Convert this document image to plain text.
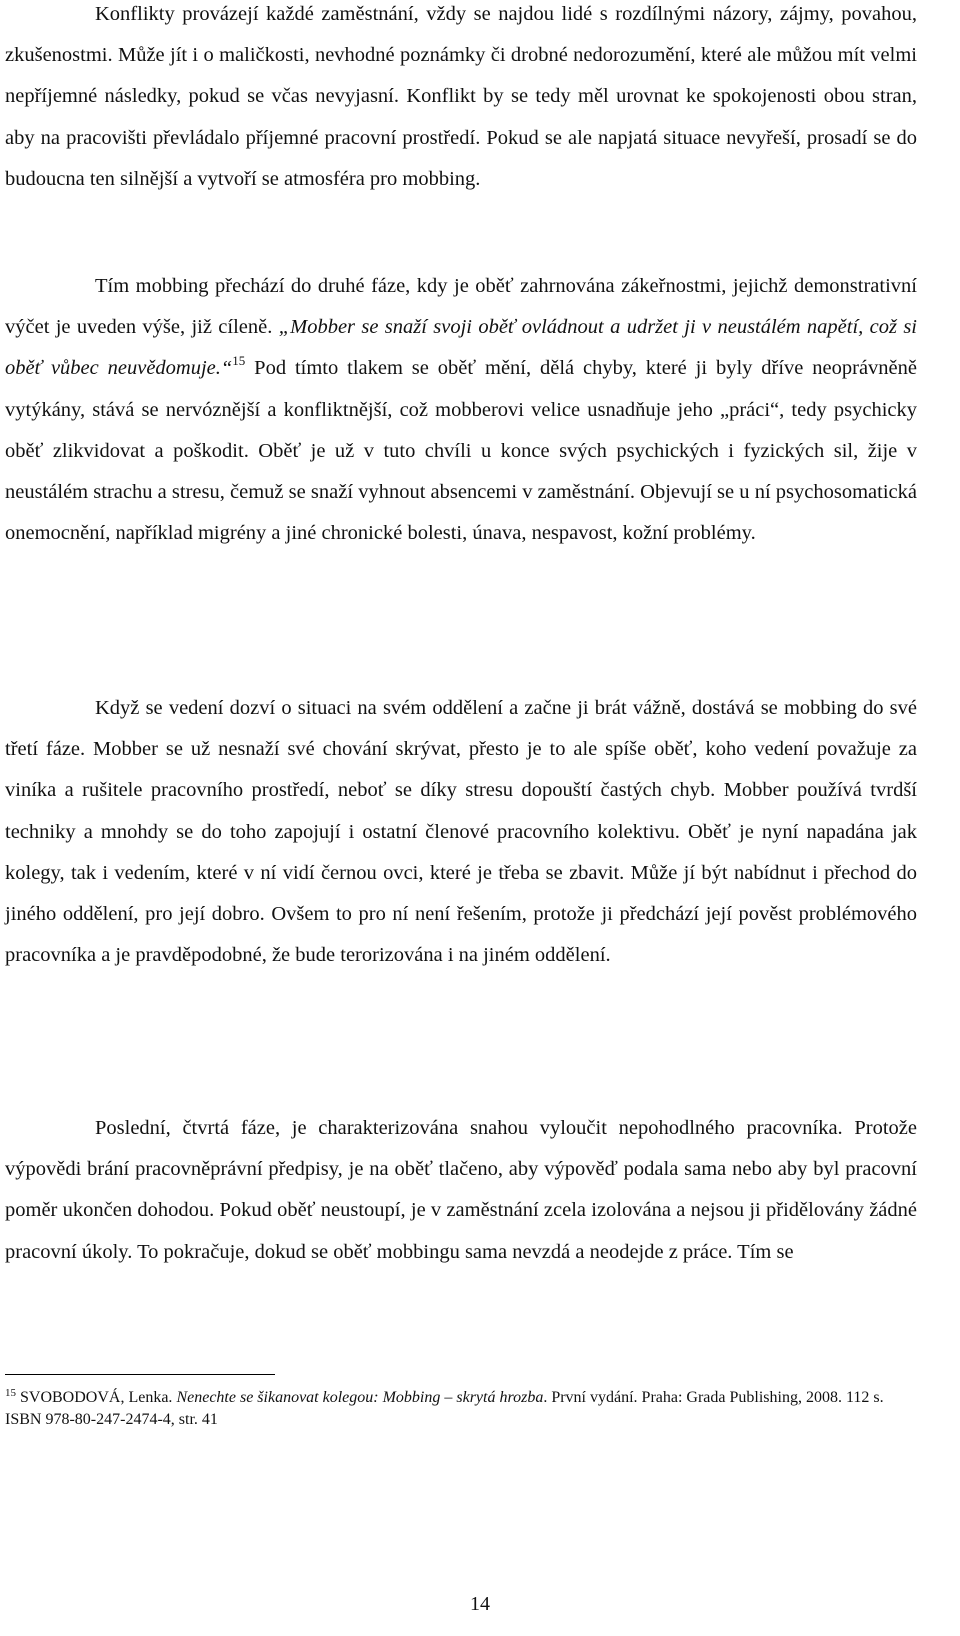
Konflikty provázejí každé zaměstnání, vždy se najdou lidé s rozdílnými názory, zájmy, povahou, zkušenostmi. Může jít i o maličkosti, nevhodné poznámky či drobné nedorozumění, které ale můžou mít velmi nepříjemné následky, pokud se včas nevyjasní. Konflikt by se tedy měl urovnat ke spokojenosti obou stran, aby na pracovišti převládalo příjemné pracovní prostředí. Pokud se ale napjatá situace nevyřeší, prosadí se do budoucna ten silnější a vytvoří se atmosféra pro mobbing.

Tím mobbing přechází do druhé fáze, kdy je oběť zahrnována zákeřnostmi, jejichž demonstrativní výčet je uveden výše, již cíleně. „Mobber se snaží svoji oběť ovládnout a udržet ji v neustálém napětí, což si oběť vůbec neuvědomuje.“$^{15}$ Pod tímto tlakem se oběť mění, dělá chyby, které ji byly dříve neoprávněně vytýkány, stává se nervóznější a konfliktnější, což mobberovi velice usnadňuje jeho „práci“, tedy psychicky oběť zlikvidovat a poškodit. Oběť je už v tuto chvíli u konce svých psychických i fyzických sil, žije v neustálém strachu a stresu, čemuž se snaží vyhnout absencemi v zaměstnání. Objevují se u ní psychosomatická onemocnění, například migrény a jiné chronické bolesti, únava, nespavost, kožní problémy.

Když se vedení dozví o situaci na svém oddělení a začne ji brát vážně, dostává se mobbing do své třetí fáze. Mobber se už nesnaží své chování skrývat, přesto je to ale spíše oběť, koho vedení považuje za viníka a rušitele pracovního prostředí, neboť se díky stresu dopouští častých chyb. Mobber používá tvrdší techniky a mnohdy se do toho zapojují i ostatní členové pracovního kolektivu. Oběť je nyní napadána jak kolegy, tak i vedením, které v ní vidí černou ovci, které je třeba se zbavit. Může jí být nabídnut i přechod do jiného oddělení, pro její dobro. Ovšem to pro ní není řešením, protože ji předchází její pověst problémového pracovníka a je pravděpodobné, že bude terorizována i na jiném oddělení.

Poslední, čtvrtá fáze, je charakterizována snahou vyloučit nepohodlného pracovníka. Protože výpovědi brání pracovněprávní předpisy, je na oběť tlačeno, aby výpověď podala sama nebo aby byl pracovní poměr ukončen dohodou. Pokud oběť neustoupí, je v zaměstnání zcela izolována a nejsou ji přidělovány žádné pracovní úkoly. To pokračuje, dokud se oběť mobbingu sama nevzdá a neodejde z práce. Tím se

$^{15}$ SVOBODOVÁ, Lenka. Nenechte se šikanovat kolegou: Mobbing – skrytá hrozba. První vydání. Praha: Grada Publishing, 2008. 112 s. ISBN 978-80-247-2474-4, str. 41

14
